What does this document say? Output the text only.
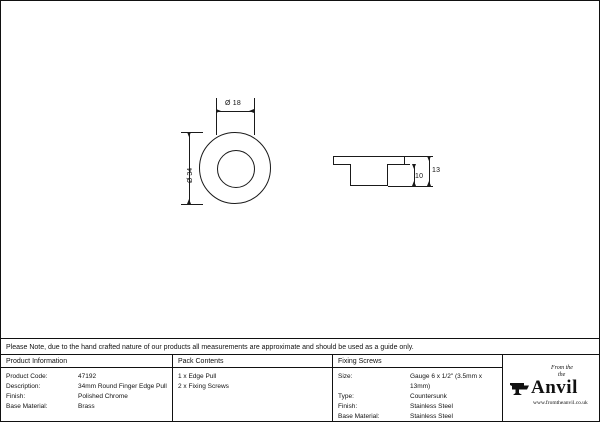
Ø 18
Ø 34	13
10
Please Note, due to the hand crafted nature of our products all measurements are approximate and should be used as a guide only.
Product Information
Product Code:	47192
Description:	34mm Round Finger Edge Pull
Finish:	Polished Chrome
Base Material:	Brass
Pack Contents
1 x Edge Pull
2 x Fixing Screws
Fixing Screws
Size:	Gauge 6 x 1/2" (3.5mm x 13mm)
Type:	Countersunk
Finish:	Stainless Steel
Base Material:	Stainless Steel
From the
the
Anvil
www.fromtheanvil.co.uk
